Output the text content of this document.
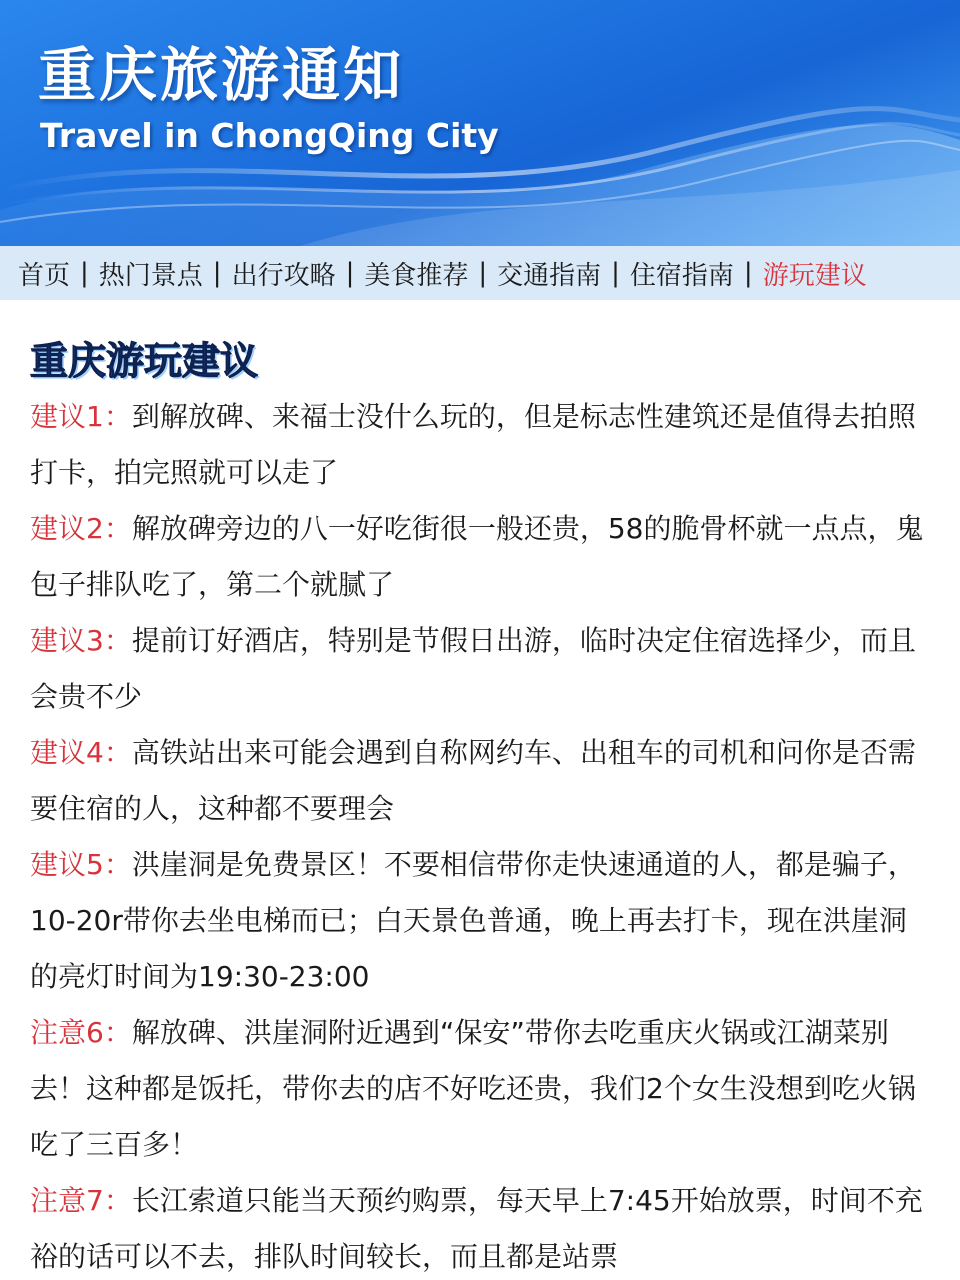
重庆旅游通知
Travel in ChongQing City
首页 | 热门景点 | 出行攻略 | 美食推荐 | 交通指南 | 住宿指南 | 游玩建议
重庆游玩建议

建议1：到解放碑、来福士没什么玩的，但是标志性建筑还是值得去拍照打卡，拍完照就可以走了

建议2：解放碑旁边的八一好吃街很一般还贵，58的脆骨杯就一点点，鬼包子排队吃了，第二个就腻了

建议3：提前订好酒店，特别是节假日出游，临时决定住宿选择少，而且会贵不少

建议4：高铁站出来可能会遇到自称网约车、出租车的司机和问你是否需要住宿的人，这种都不要理会

建议5：洪崖洞是免费景区！不要相信带你走快速通道的人，都是骗子，10-20r带你去坐电梯而已；白天景色普通，晚上再去打卡，现在洪崖洞的亮灯时间为19:30-23:00

注意6：解放碑、洪崖洞附近遇到“保安”带你去吃重庆火锅或江湖菜别去！这种都是饭托，带你去的店不好吃还贵，我们2个女生没想到吃火锅吃了三百多！

注意7：长江索道只能当天预约购票，每天早上7:45开始放票，时间不充裕的话可以不去，排队时间较长，而且都是站票
